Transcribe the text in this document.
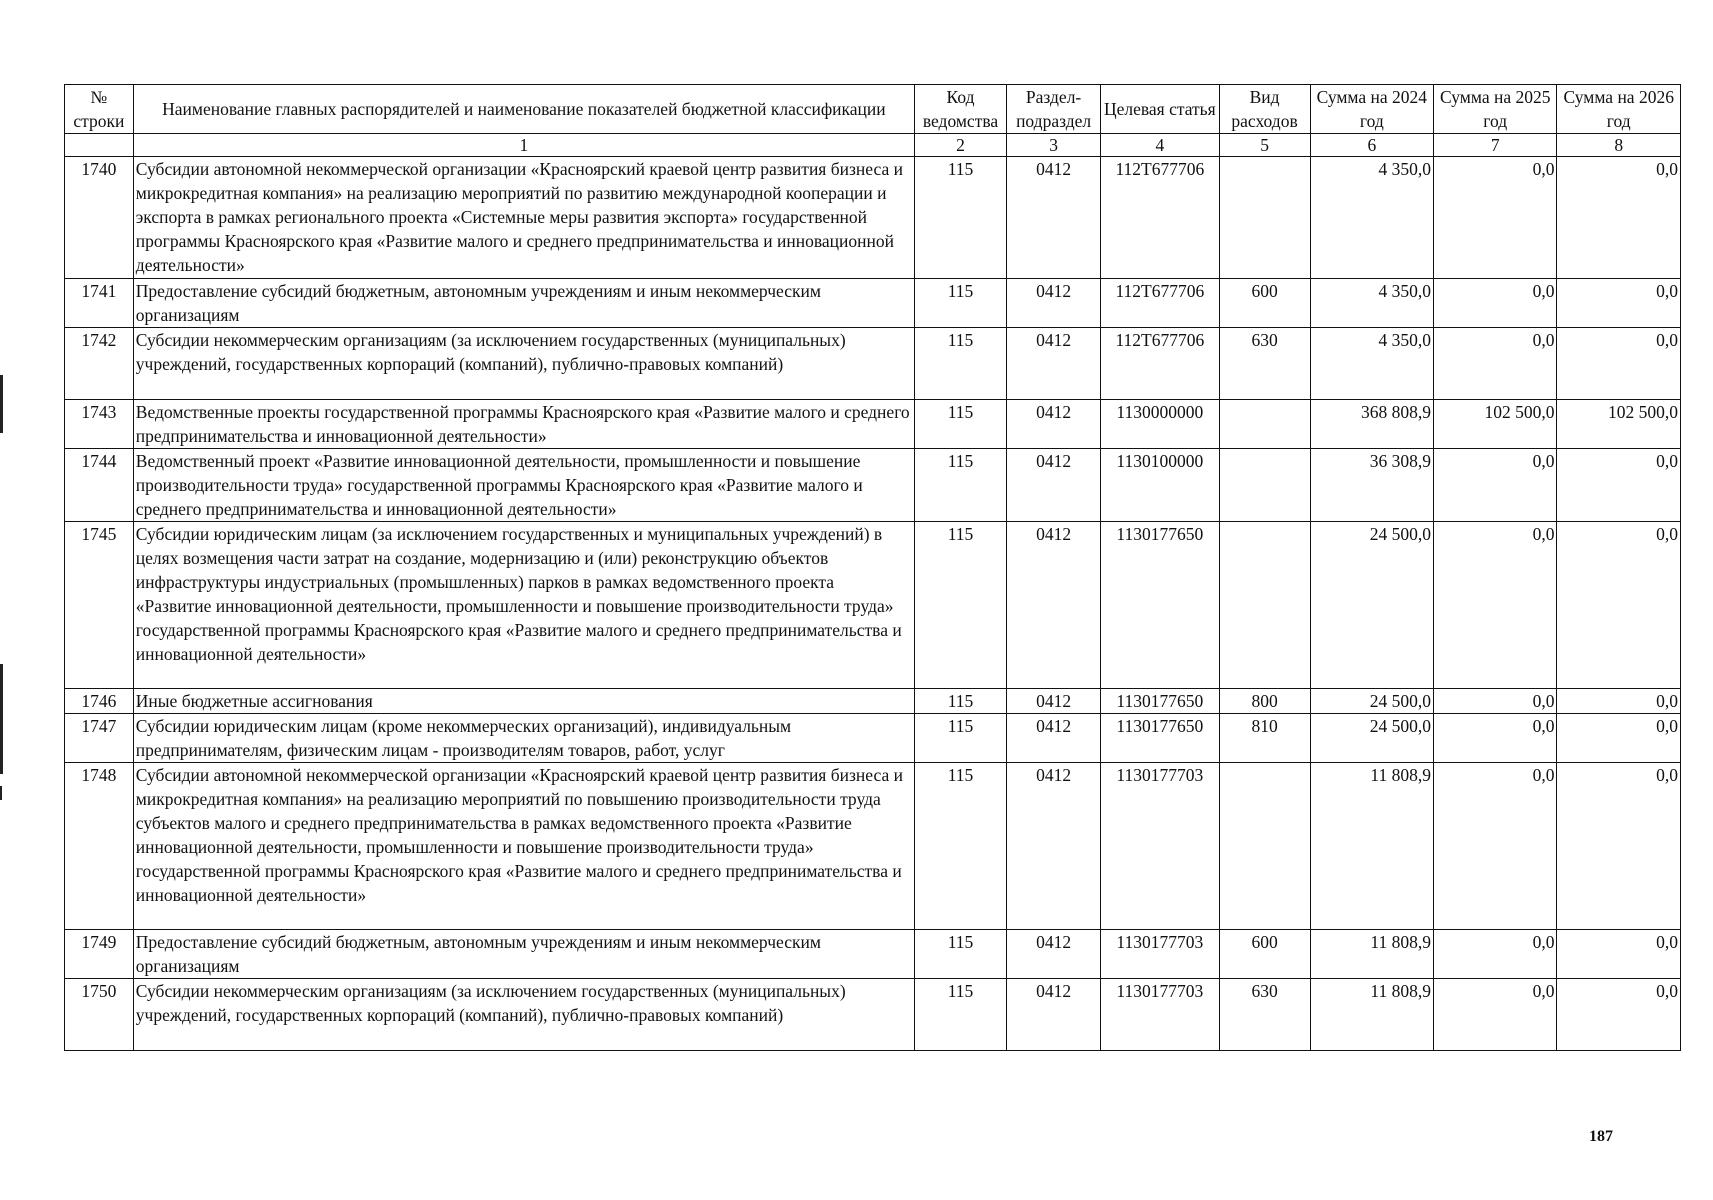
№ строки	Наименование главных распорядителей и наименование показателей бюджетной классификации	Код ведомства	Раздел-подраздел	Целевая статья	Вид расходов	Сумма на 2024 год	Сумма на 2025 год	Сумма на 2026 год
	1	2	3	4	5	6	7	8
1740	Субсидии автономной некоммерческой организации «Красноярский краевой центр развития бизнеса и микрокредитная компания» на реализацию мероприятий по развитию международной кооперации и экспорта в рамках регионального проекта «Системные меры развития экспорта» государственной программы Красноярского края «Развитие малого и среднего предпринимательства и инновационной деятельности»	115	0412	112Т677706		4 350,0	0,0	0,0
1741	Предоставление субсидий бюджетным, автономным учреждениям и иным некоммерческим организациям	115	0412	112Т677706	600	4 350,0	0,0	0,0
1742	Субсидии некоммерческим организациям (за исключением государственных (муниципальных) учреждений, государственных корпораций (компаний), публично-правовых компаний)	115	0412	112Т677706	630	4 350,0	0,0	0,0
1743	Ведомственные проекты государственной программы Красноярского края «Развитие малого и среднего предпринимательства и инновационной деятельности»	115	0412	1130000000		368 808,9	102 500,0	102 500,0
1744	Ведомственный проект «Развитие инновационной деятельности, промышленности и повышение производительности труда» государственной программы Красноярского края «Развитие малого и среднего предпринимательства и инновационной деятельности»	115	0412	1130100000		36 308,9	0,0	0,0
1745	Субсидии юридическим лицам (за исключением государственных и муниципальных учреждений) в целях возмещения части затрат на создание, модернизацию и (или) реконструкцию объектов инфраструктуры индустриальных (промышленных) парков в рамках ведомственного проекта «Развитие инновационной деятельности, промышленности и повышение производительности труда» государственной программы Красноярского края «Развитие малого и среднего предпринимательства и инновационной деятельности»	115	0412	1130177650		24 500,0	0,0	0,0
1746	Иные бюджетные ассигнования	115	0412	1130177650	800	24 500,0	0,0	0,0
1747	Субсидии юридическим лицам (кроме некоммерческих организаций), индивидуальным предпринимателям, физическим лицам - производителям товаров, работ, услуг	115	0412	1130177650	810	24 500,0	0,0	0,0
1748	Субсидии автономной некоммерческой организации «Красноярский краевой центр развития бизнеса и микрокредитная компания» на реализацию мероприятий по повышению производительности труда субъектов малого и среднего предпринимательства в рамках ведомственного проекта «Развитие инновационной деятельности, промышленности и повышение производительности труда» государственной программы Красноярского края «Развитие малого и среднего предпринимательства и инновационной деятельности»	115	0412	1130177703		11 808,9	0,0	0,0
1749	Предоставление субсидий бюджетным, автономным учреждениям и иным некоммерческим организациям	115	0412	1130177703	600	11 808,9	0,0	0,0
1750	Субсидии некоммерческим организациям (за исключением государственных (муниципальных) учреждений, государственных корпораций (компаний), публично-правовых компаний)	115	0412	1130177703	630	11 808,9	0,0	0,0
187
